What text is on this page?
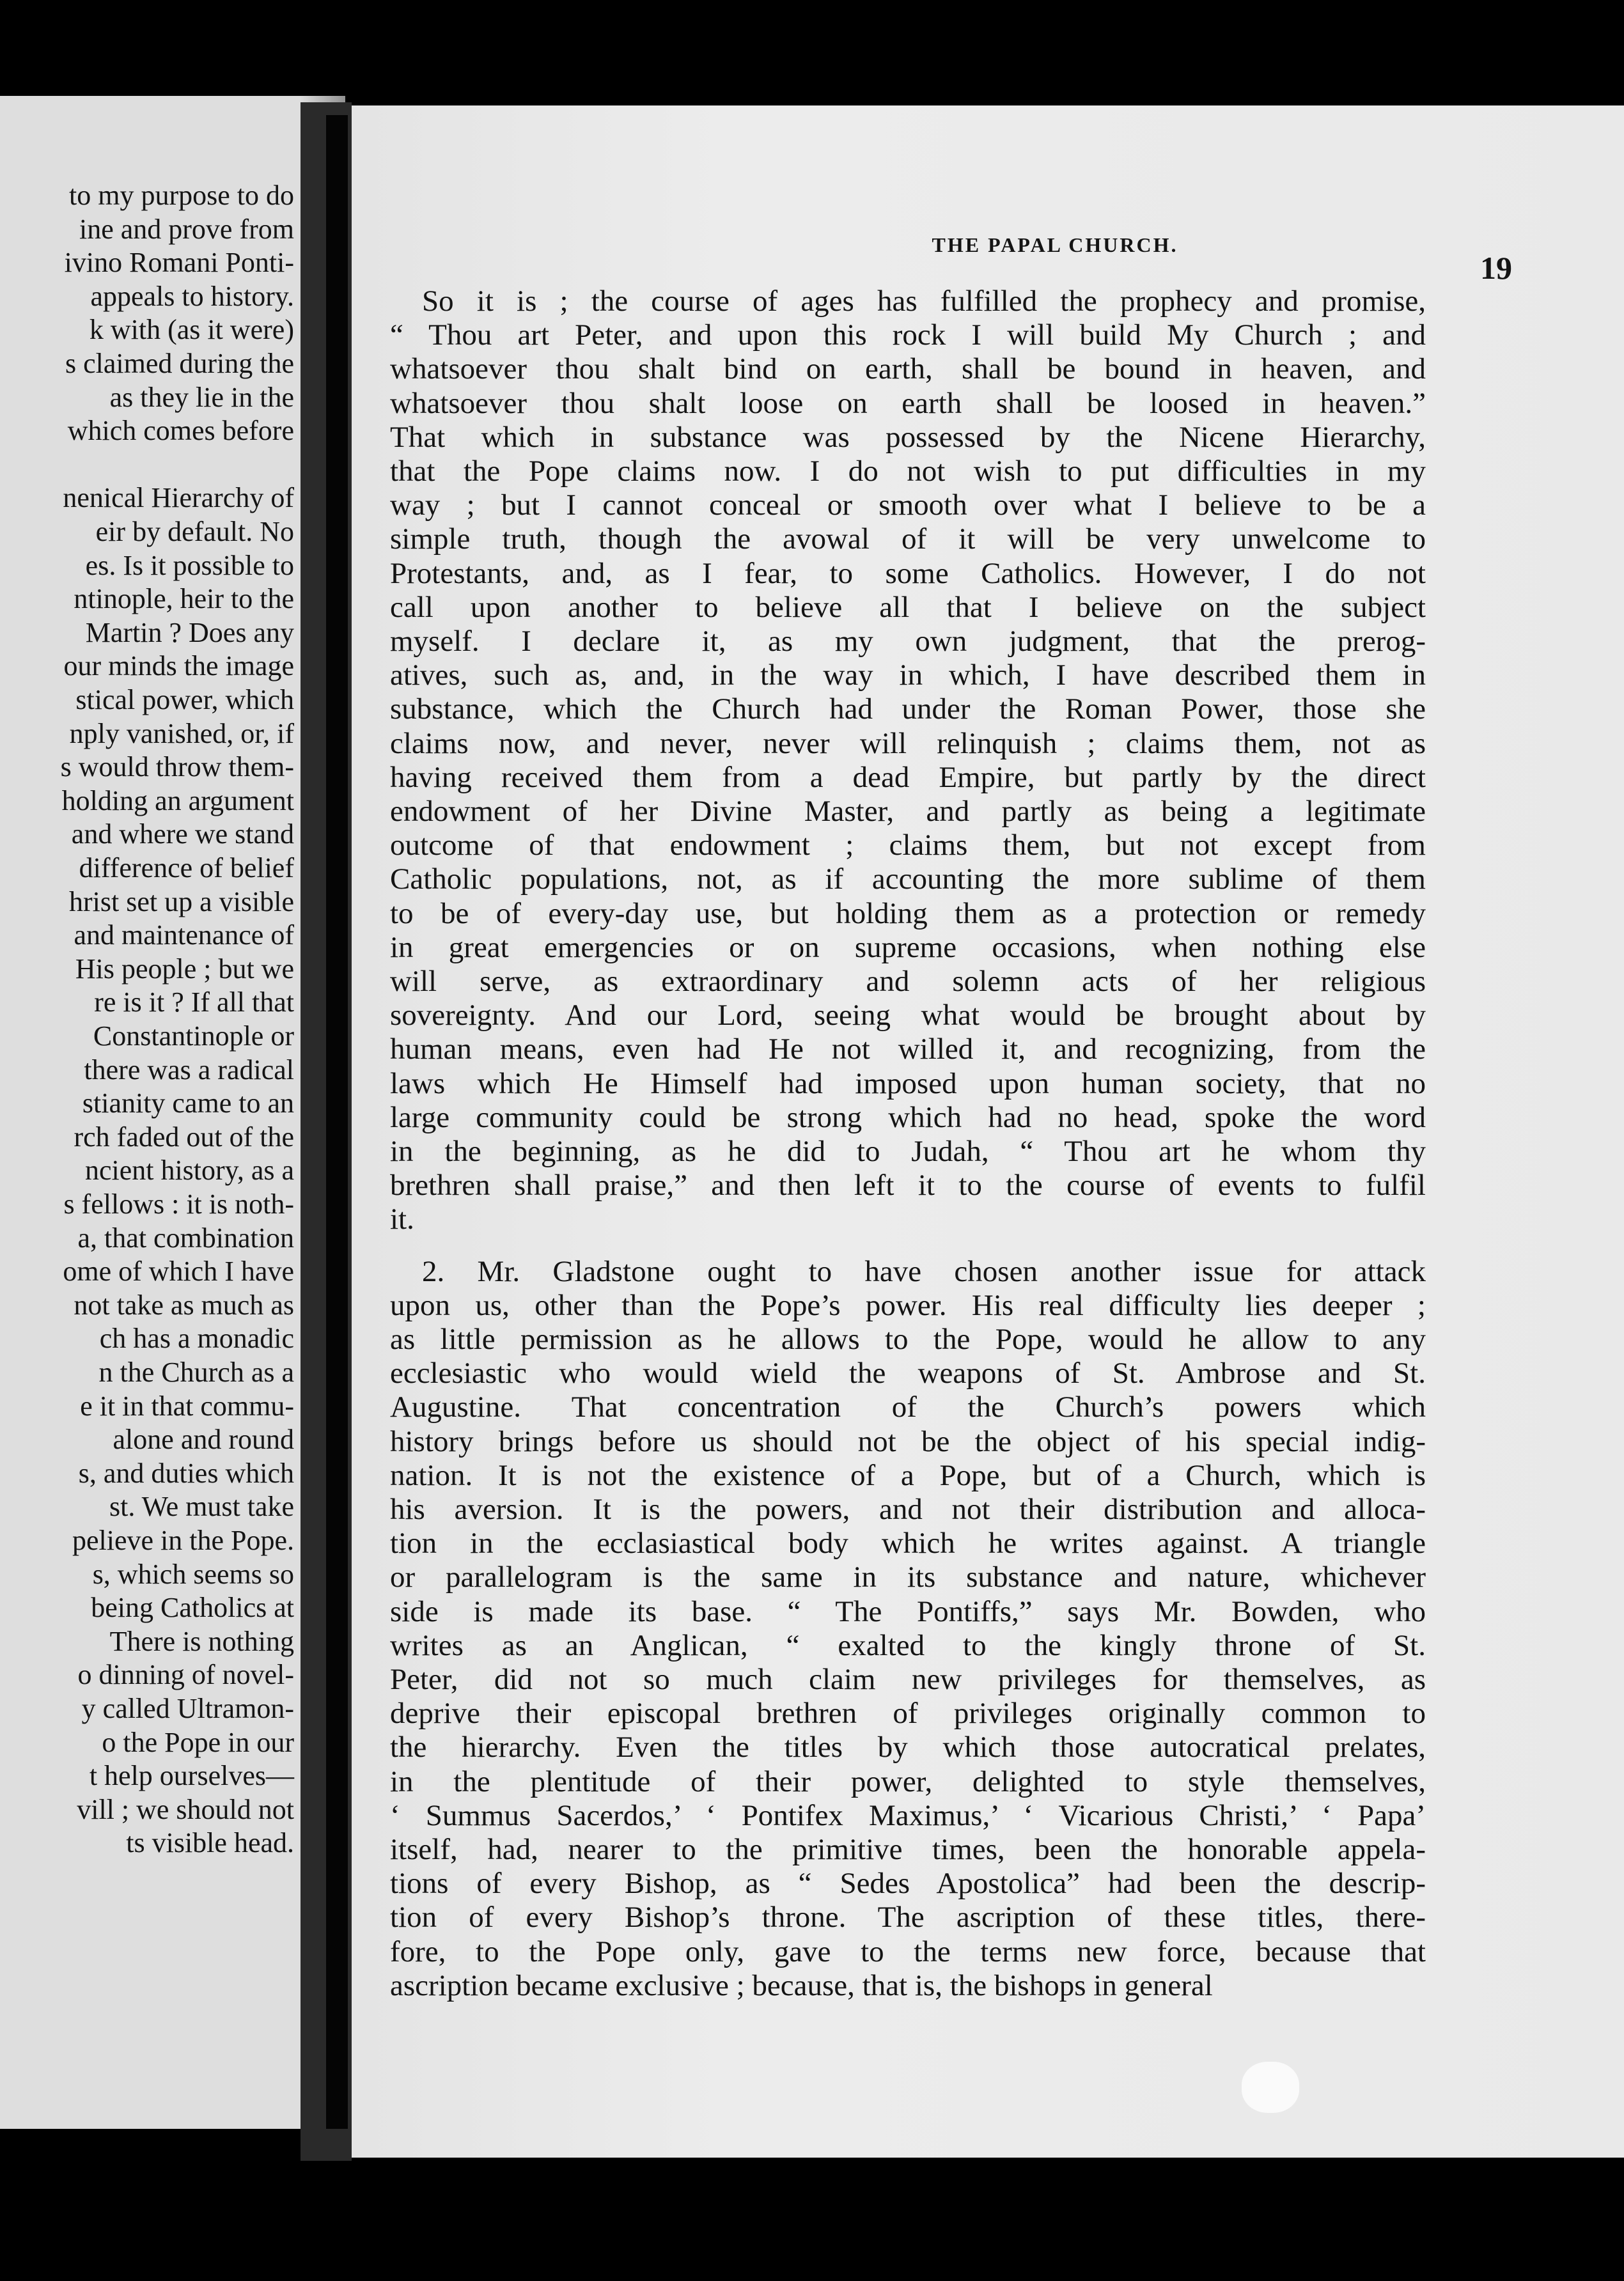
to my purpose to do
ine and prove from
ivino Romani Ponti-
appeals to history.
k with (as it were)
s claimed during the
as they lie in the
which comes before
nenical Hierarchy of
eir by default. No
es. Is it possible to
ntinople, heir to the
Martin ? Does any
our minds the image
stical power, which
nply vanished, or, if
s would throw them-
holding an argument
and where we stand
difference of belief
hrist set up a visible
and maintenance of
His people ; but we
re is it ? If all that
Constantinople or
there was a radical
stianity came to an
rch faded out of the
ncient history, as a
s fellows : it is noth-
a, that combination
ome of which I have
not take as much as
ch has a monadic
n the Church as a
e it in that commu-
alone and round
s, and duties which
st. We must take
pelieve in the Pope.
s, which seems so
being Catholics at
There is nothing
o dinning of novel-
y called Ultramon-
o the Pope in our
t help ourselves—
vill ; we should not
ts visible head.
THE PAPAL CHURCH.
19
So it is ; the course of ages has fulfilled the prophecy and promise,
“ Thou art Peter, and upon this rock I will build My Church ; and
whatsoever thou shalt bind on earth, shall be bound in heaven, and
whatsoever thou shalt loose on earth shall be loosed in heaven.”
That which in substance was possessed by the Nicene Hierarchy,
that the Pope claims now. I do not wish to put difficulties in my
way ; but I cannot conceal or smooth over what I believe to be a
simple truth, though the avowal of it will be very unwelcome to
Protestants, and, as I fear, to some Catholics. However, I do not
call upon another to believe all that I believe on the subject
myself. I declare it, as my own judgment, that the prerog-
atives, such as, and, in the way in which, I have described them in
substance, which the Church had under the Roman Power, those she
claims now, and never, never will relinquish ; claims them, not as
having received them from a dead Empire, but partly by the direct
endowment of her Divine Master, and partly as being a legitimate
outcome of that endowment ; claims them, but not except from
Catholic populations, not, as if accounting the more sublime of them
to be of every-day use, but holding them as a protection or remedy
in great emergencies or on supreme occasions, when nothing else
will serve, as extraordinary and solemn acts of her religious
sovereignty. And our Lord, seeing what would be brought about by
human means, even had He not willed it, and recognizing, from the
laws which He Himself had imposed upon human society, that no
large community could be strong which had no head, spoke the word
in the beginning, as he did to Judah, “ Thou art he whom thy
brethren shall praise,” and then left it to the course of events to fulfil
it.
2. Mr. Gladstone ought to have chosen another issue for attack
upon us, other than the Pope’s power. His real difficulty lies deeper ;
as little permission as he allows to the Pope, would he allow to any
ecclesiastic who would wield the weapons of St. Ambrose and St.
Augustine. That concentration of the Church’s powers which
history brings before us should not be the object of his special indig-
nation. It is not the existence of a Pope, but of a Church, which is
his aversion. It is the powers, and not their distribution and alloca-
tion in the ecclasiastical body which he writes against. A triangle
or parallelogram is the same in its substance and nature, whichever
side is made its base. “ The Pontiffs,” says Mr. Bowden, who
writes as an Anglican, “ exalted to the kingly throne of St.
Peter, did not so much claim new privileges for themselves, as
deprive their episcopal brethren of privileges originally common to
the hierarchy. Even the titles by which those autocratical prelates,
in the plentitude of their power, delighted to style themselves,
‘ Summus Sacerdos,’ ‘ Pontifex Maximus,’ ‘ Vicarious Christi,’ ‘ Papa’
itself, had, nearer to the primitive times, been the honorable appela-
tions of every Bishop, as “ Sedes Apostolica” had been the descrip-
tion of every Bishop’s throne. The ascription of these titles, there-
fore, to the Pope only, gave to the terms new force, because that
ascription became exclusive ; because, that is, the bishops in general
